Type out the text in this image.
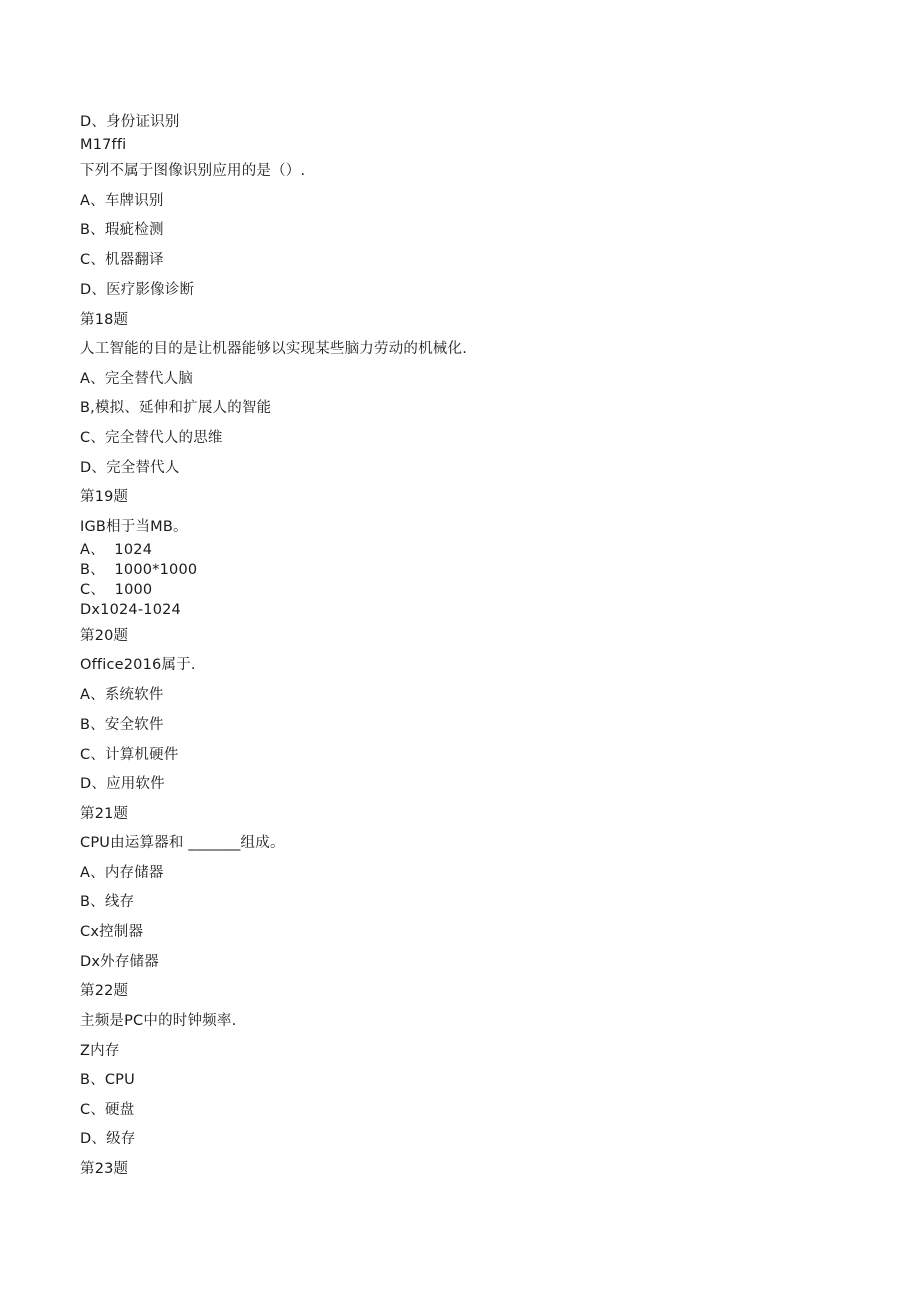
D、身份证识别
M17ffi
下列不属于图像识别应用的是（）.
A、车牌识别
B、瑕疵检测
C、机器翻译
D、医疗影像诊断
第18题
人工智能的目的是让机器能够以实现某些脑力劳动的机械化.
A、完全替代人脑
B,模拟、延伸和扩展人的智能
C、完全替代人的思维
D、完全替代人
第19题
IGB相于当MB。
A、  1024
B、  1000*1000
C、  1000
Dx1024-1024
第20题
Office2016属于.
A、系统软件
B、安全软件
C、计算机硬件
D、应用软件
第21题
CPU由运算器和 _______组成。
A、内存储器
B、线存
Cx控制器
Dx外存储器
第22题
主频是PC中的时钟频率.
Z内存
B、CPU
C、硬盘
D、级存
第23题
